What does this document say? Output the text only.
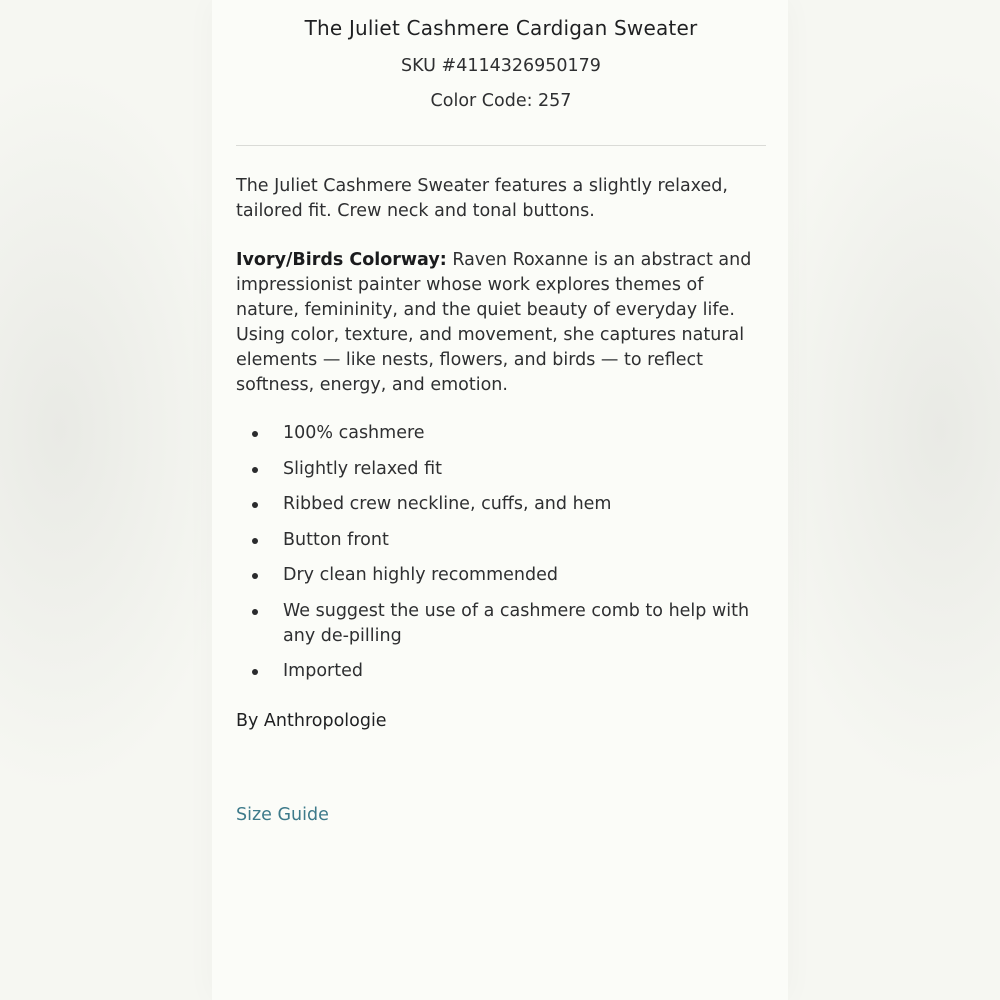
The Juliet Cashmere Cardigan Sweater
SKU #4114326950179
Color Code: 257

The Juliet Cashmere Sweater features a slightly relaxed, tailored fit. Crew neck and tonal buttons.

Ivory/Birds Colorway: Raven Roxanne is an abstract and impressionist painter whose work explores themes of nature, femininity, and the quiet beauty of everyday life. Using color, texture, and movement, she captures natural elements — like nests, flowers, and birds — to reflect softness, energy, and emotion.

100% cashmere
Slightly relaxed fit
Ribbed crew neckline, cuffs, and hem
Button front
Dry clean highly recommended
We suggest the use of a cashmere comb to help with any de-pilling
Imported
By Anthropologie
Size Guide
